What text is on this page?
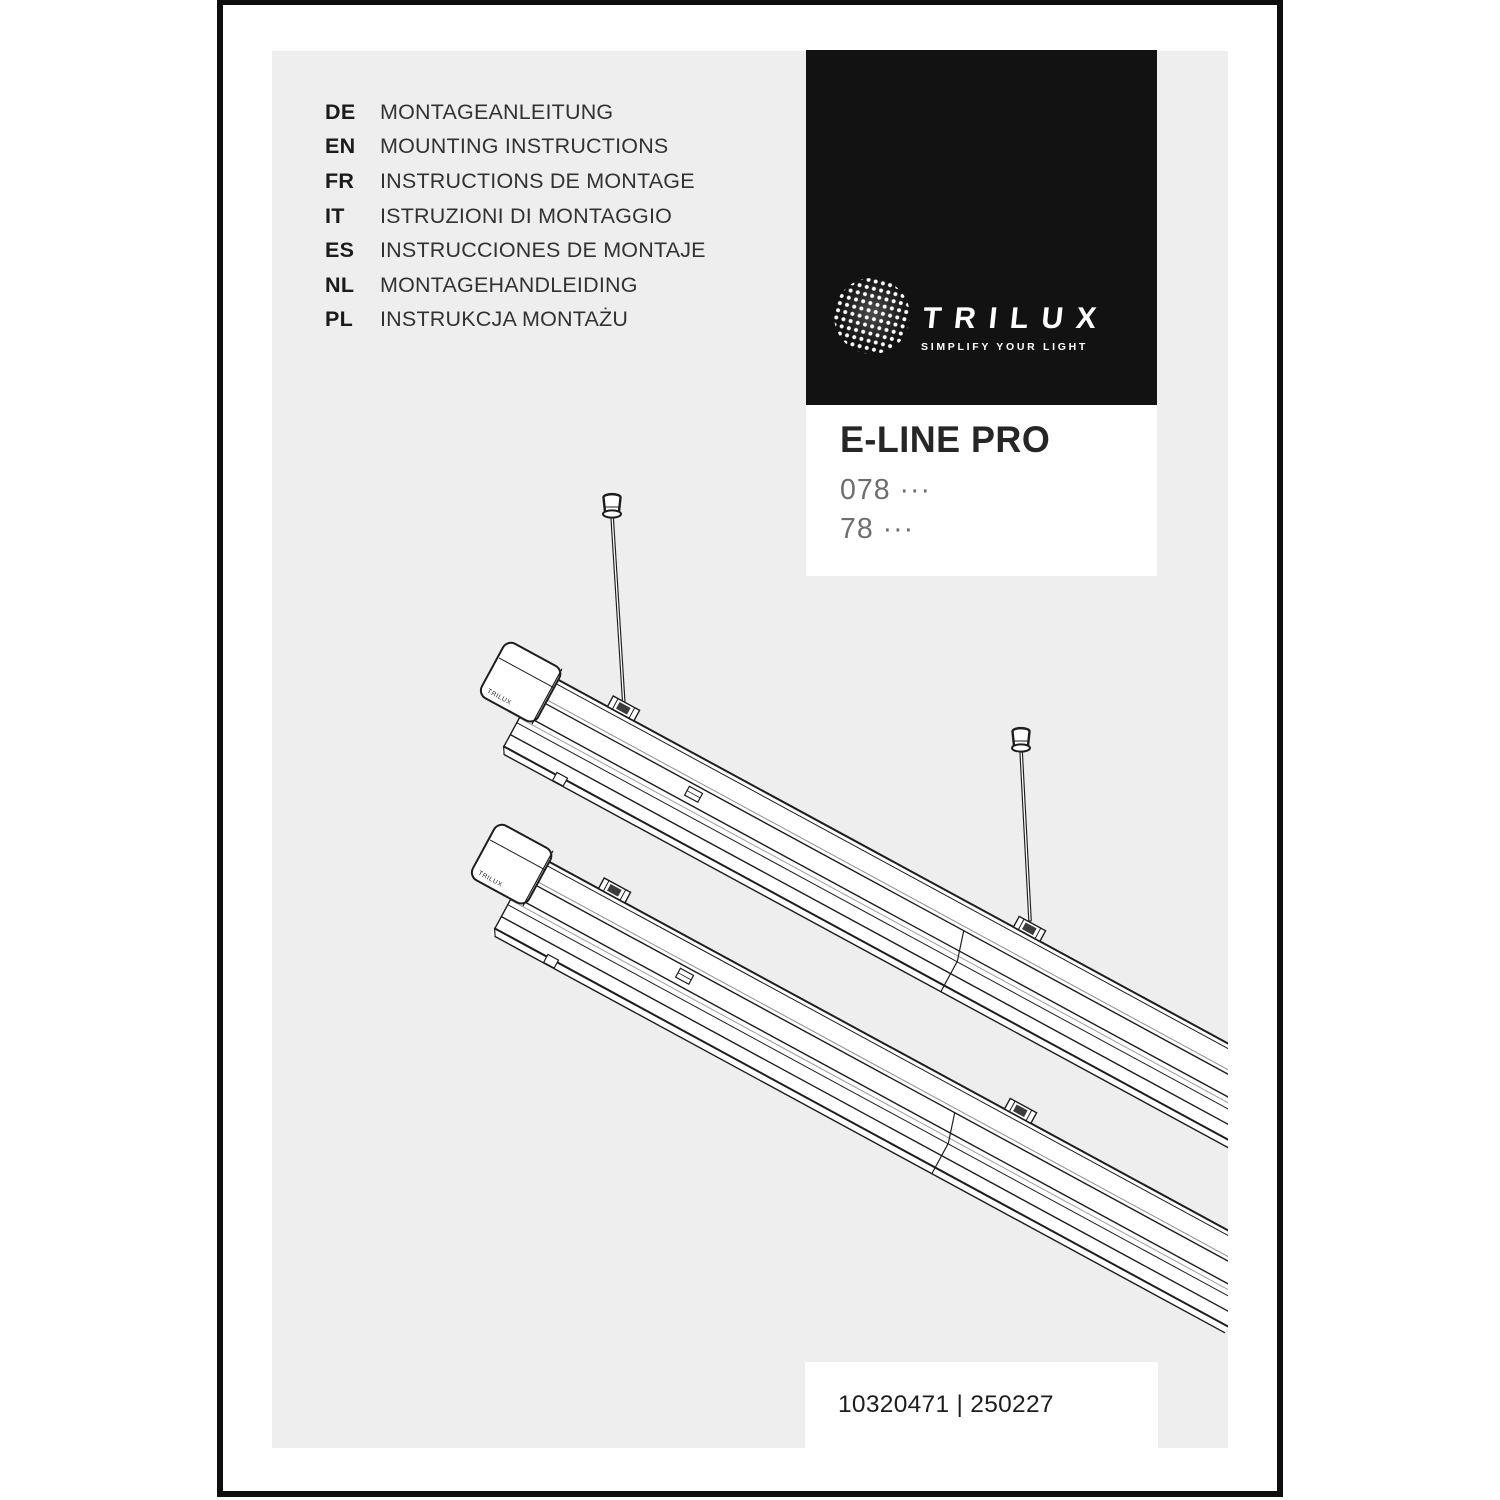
DE	MONTAGEANLEITUNG
EN	MOUNTING INSTRUCTIONS
FR	INSTRUCTIONS DE MONTAGE
IT	ISTRUZIONI DI MONTAGGIO
ES	INSTRUCCIONES DE MONTAJE
NL	MONTAGEHANDLEIDING
PL	INSTRUKCJA MONTAŻU	TRILUX
SIMPLIFY YOUR LIGHT
E-LINE PRO
078 ···
78 ···
10320471 | 250227
